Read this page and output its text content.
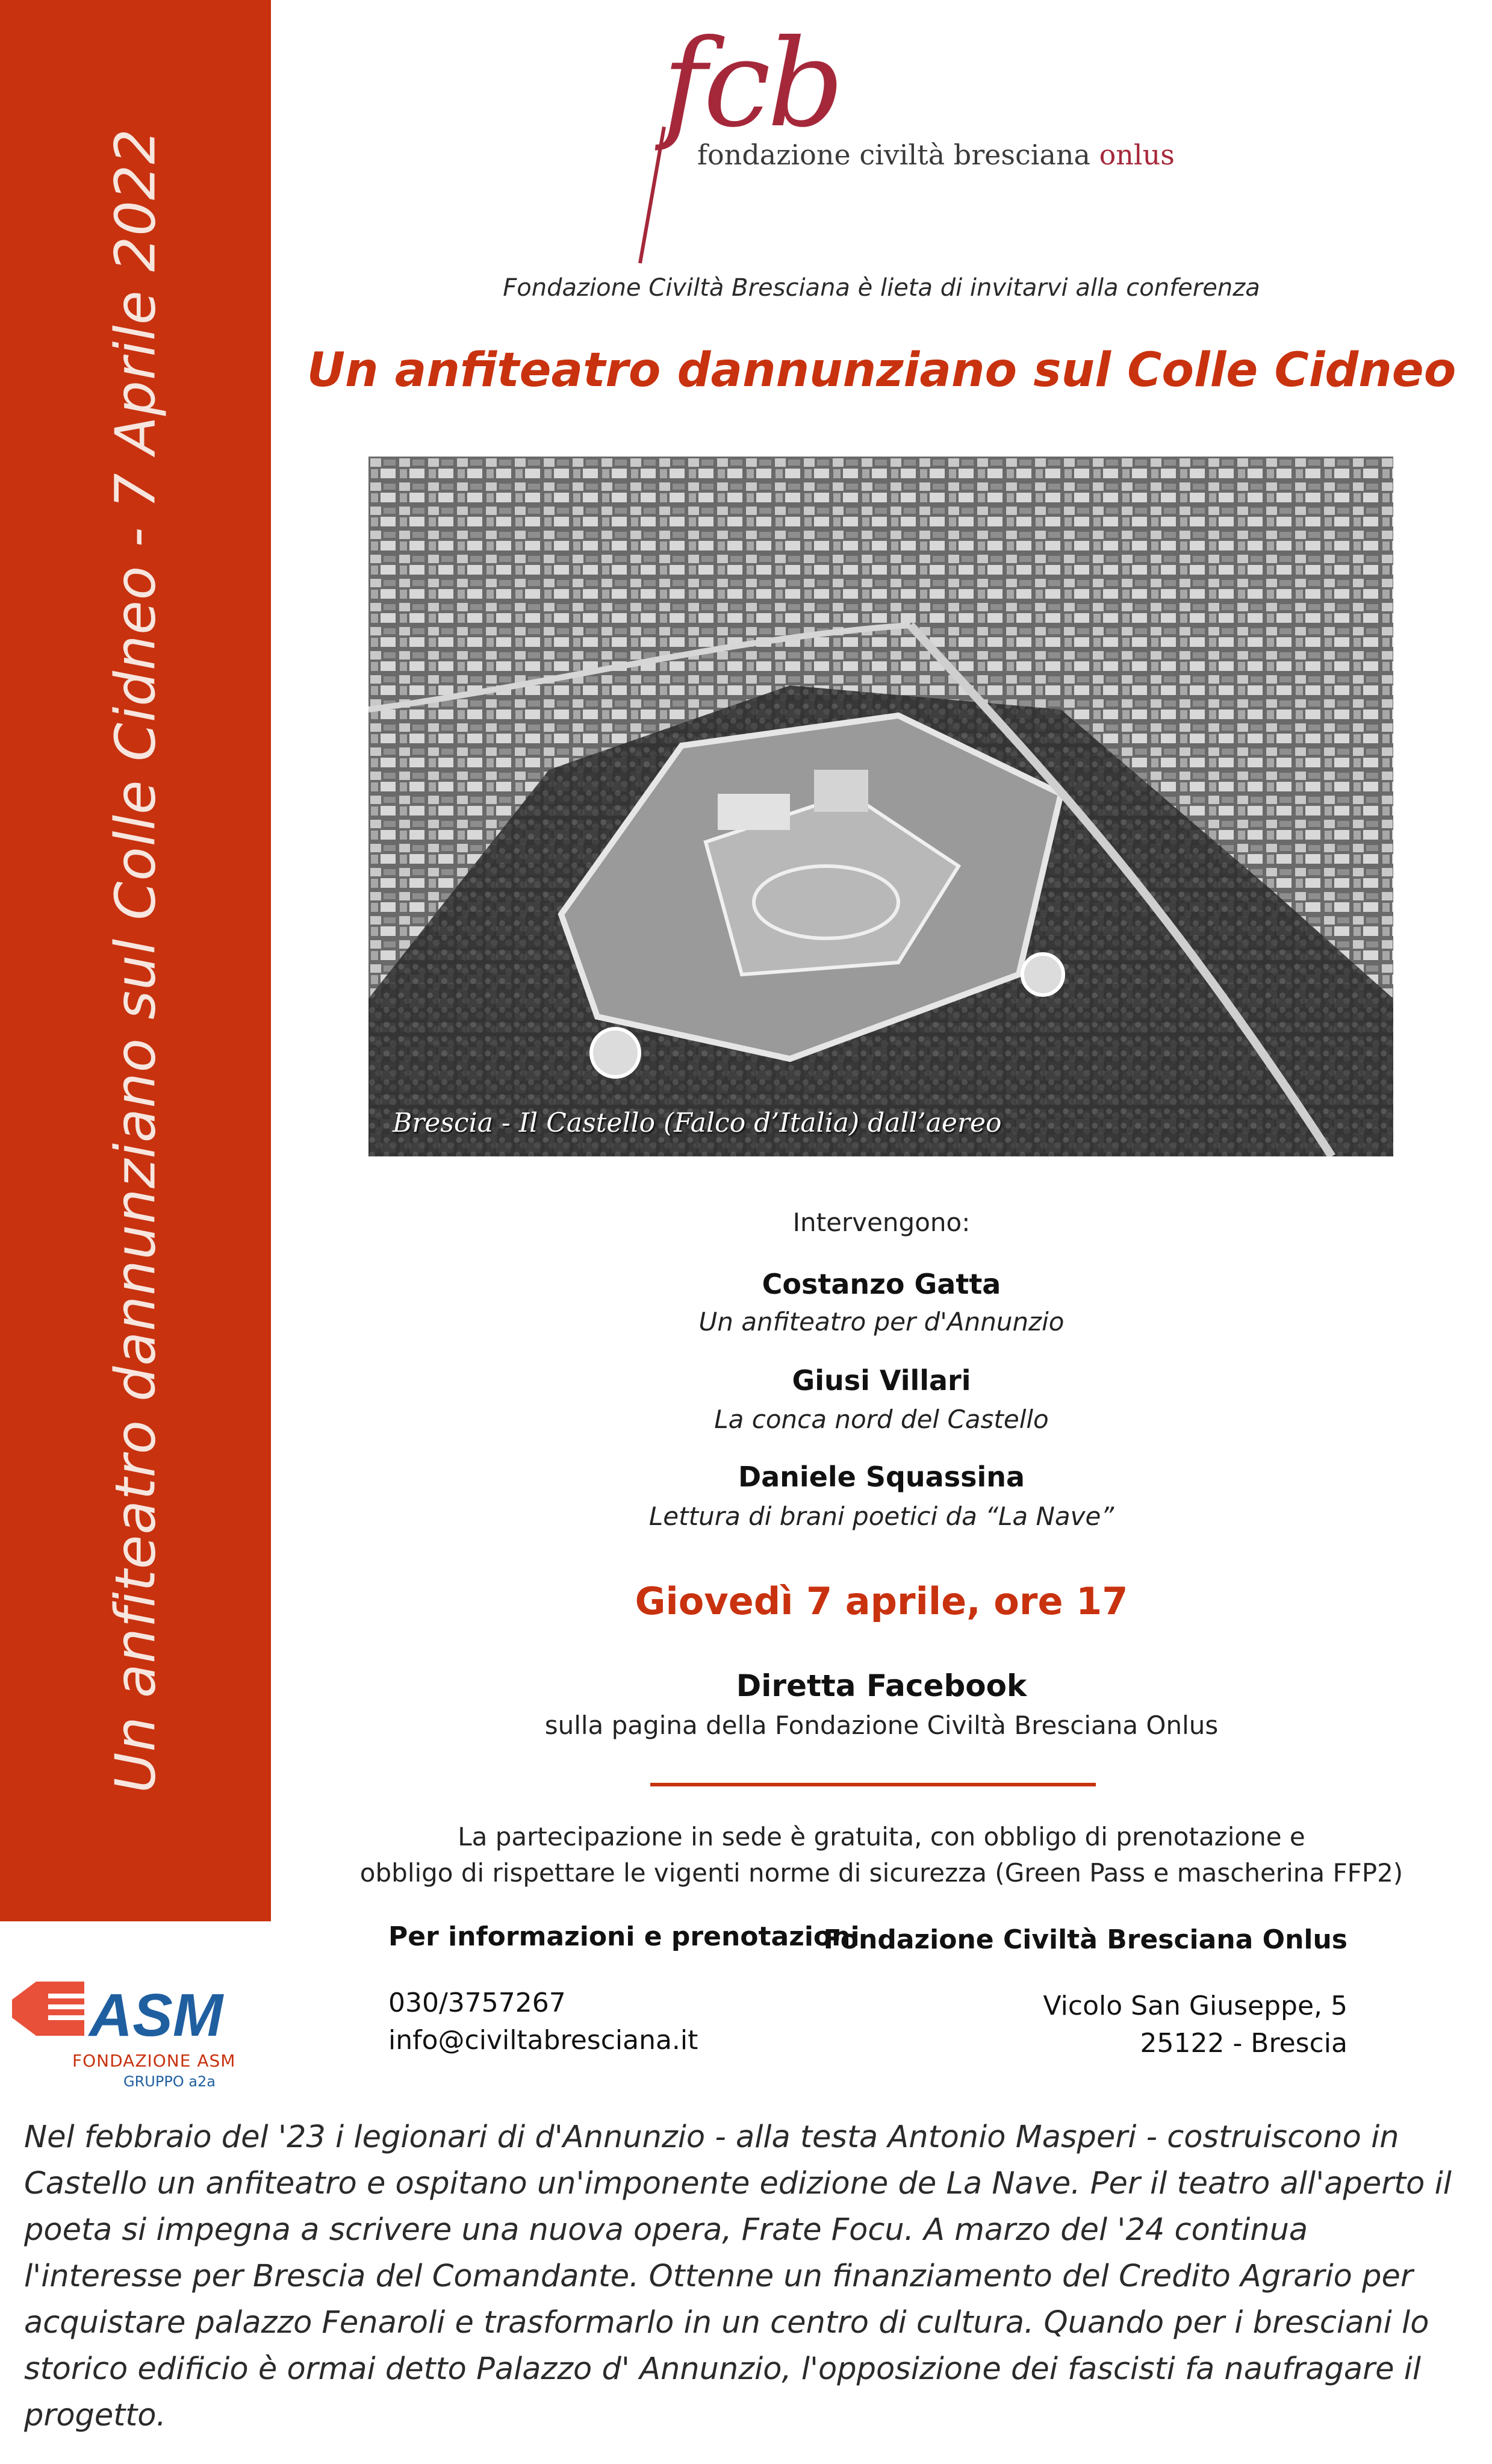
Un anfiteatro dannunziano sul Colle Cidneo - 7 Aprile 2022
fcb
fondazione civiltà bresciana onlus
Fondazione Civiltà Bresciana è lieta di invitarvi alla conferenza
Un anfiteatro dannunziano sul Colle Cidneo
Brescia - Il Castello (Falco d’Italia) dall’aereo
Intervengono:
Costanzo Gatta
Un anfiteatro per d'Annunzio
Giusi Villari
La conca nord del Castello
Daniele Squassina
Lettura di brani poetici da “La Nave”
Giovedì 7 aprile, ore 17
Diretta Facebook
sulla pagina della Fondazione Civiltà Bresciana Onlus
La partecipazione in sede è gratuita, con obbligo di prenotazione e
obbligo di rispettare le vigenti norme di sicurezza (Green Pass e mascherina FFP2)
Per informazioni e prenotazioni
Fondazione Civiltà Bresciana Onlus
030/3757267
info@civiltabresciana.it
Vicolo San Giuseppe, 5
25122 - Brescia
ASM
FONDAZIONE ASM
GRUPPO a2a
Nel febbraio del '23 i legionari di d'Annunzio - alla testa Antonio Masperi - costruiscono in
Castello un anfiteatro e ospitano un'imponente edizione de La Nave. Per il teatro all'aperto il
poeta si impegna a scrivere una nuova opera, Frate Focu. A marzo del '24 continua
l'interesse per Brescia del Comandante. Ottenne un finanziamento del Credito Agrario per
acquistare palazzo Fenaroli e trasformarlo in un centro di cultura. Quando per i bresciani lo
storico edificio è ormai detto Palazzo d' Annunzio, l'opposizione dei fascisti fa naufragare il
progetto.
